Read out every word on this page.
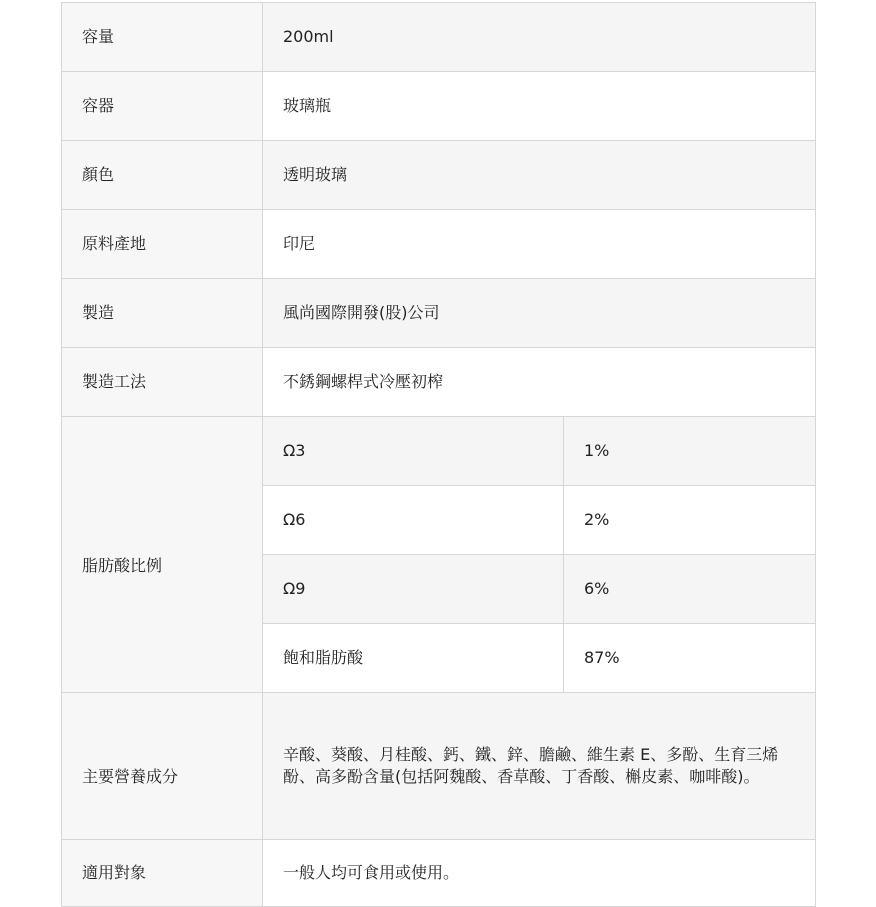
容量	200ml	
容器	玻璃瓶	
顏色	透明玻璃	
原料產地	印尼	
製造	風尚國際開發(股)公司	
製造工法	不銹鋼螺桿式冷壓初榨	
脂肪酸比例	Ω3	1%
	Ω6	2%
	Ω9	6%
	飽和脂肪酸	87%
主要營養成分	辛酸、葵酸、月桂酸、鈣、鐵、鋅、膽鹼、維生素 E、多酚、生育三烯酚、高多酚含量(包括阿魏酸、香草酸、丁香酸、槲皮素、咖啡酸)。	
適用對象	一般人均可食用或使用。	
